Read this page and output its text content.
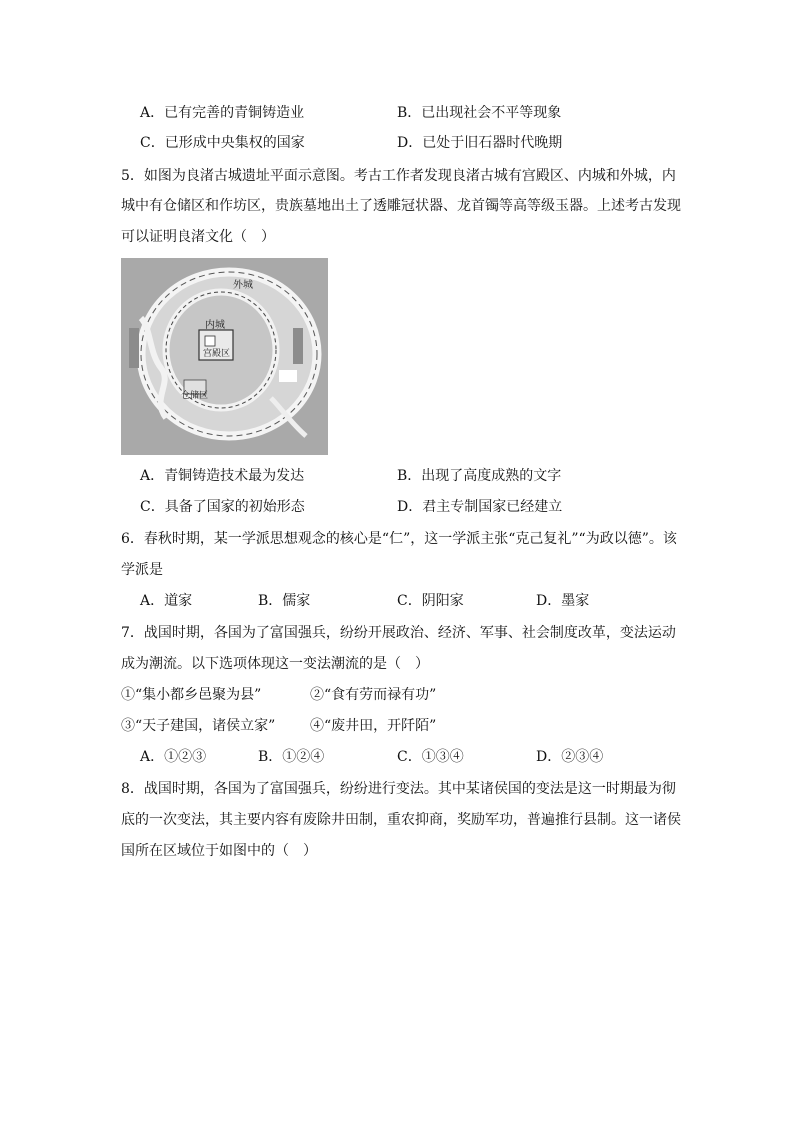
A．已有完善的青铜铸造业	B．已出现社会不平等现象
C．已形成中央集权的国家	D．已处于旧石器时代晚期
5．如图为良渚古城遗址平面示意图。考古工作者发现良渚古城有宫殿区、内城和外城，内
城中有仓储区和作坊区，贵族墓地出土了透雕冠状器、龙首镯等高等级玉器。上述考古发现
可以证明良渚文化（　）
外城
内城
宫殿区
仓储区
A．青铜铸造技术最为发达	B．出现了高度成熟的文字
C．具备了国家的初始形态	D．君主专制国家已经建立
6．春秋时期，某一学派思想观念的核心是“仁”，这一学派主张“克己复礼”“为政以德”。该
学派是
A．道家	B．儒家	C．阴阳家	D．墨家
7．战国时期，各国为了富国强兵，纷纷开展政治、经济、军事、社会制度改革，变法运动
成为潮流。以下选项体现这一变法潮流的是（　）
①“集小都乡邑聚为县”	②“食有劳而禄有功”
③“天子建国，诸侯立家” ④“废井田，开阡陌”
A．①②③	B．①②④	C．①③④	D．②③④
8．战国时期，各国为了富国强兵，纷纷进行变法。其中某诸侯国的变法是这一时期最为彻
底的一次变法，其主要内容有废除井田制，重农抑商，奖励军功，普遍推行县制。这一诸侯
国所在区域位于如图中的（　）
